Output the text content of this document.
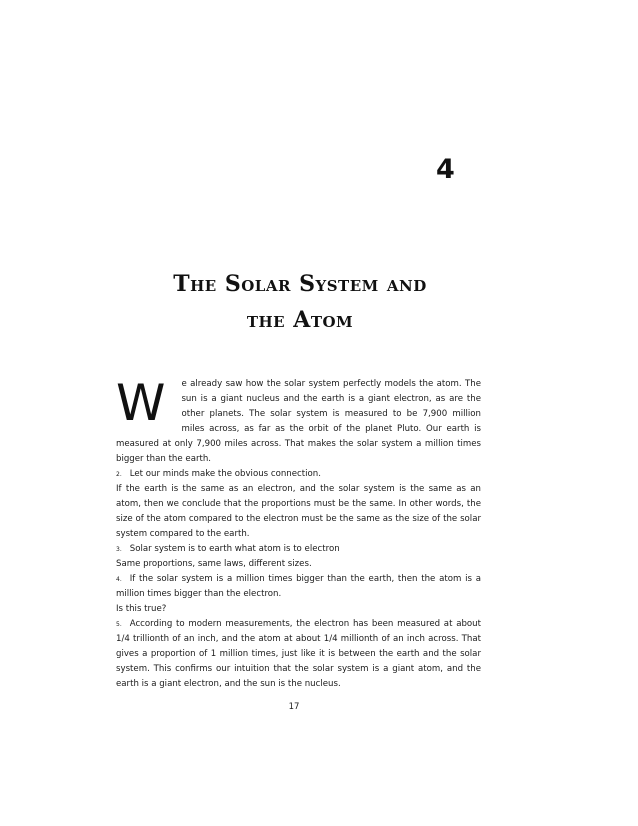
4
The Solar System and
the Atom

W e already saw how the solar system perfectly models the atom. The sun is a giant nucleus and the earth is a giant electron, as are the other planets. The solar system is measured to be 7,900 million miles across, as far as the orbit of the planet Pluto. Our earth is measured at only 7,900 miles across. That makes the solar system a million times bigger than the earth.

2. Let our minds make the obvious connection.

If the earth is the same as an electron, and the solar system is the same as an atom, then we conclude that the proportions must be the same. In other words, the size of the atom compared to the electron must be the same as the size of the solar system compared to the earth.

3. Solar system is to earth what atom is to electron

Same proportions, same laws, different sizes.

4. If the solar system is a million times bigger than the earth, then the atom is a million times bigger than the electron.

Is this true?

5. According to modern measurements, the electron has been measured at about 1/4 trillionth of an inch, and the atom at about 1/4 millionth of an inch across. That gives a proportion of 1 million times, just like it is between the earth and the solar system. This confirms our intuition that the solar system is a giant atom, and the earth is a giant electron, and the sun is the nucleus.

17
